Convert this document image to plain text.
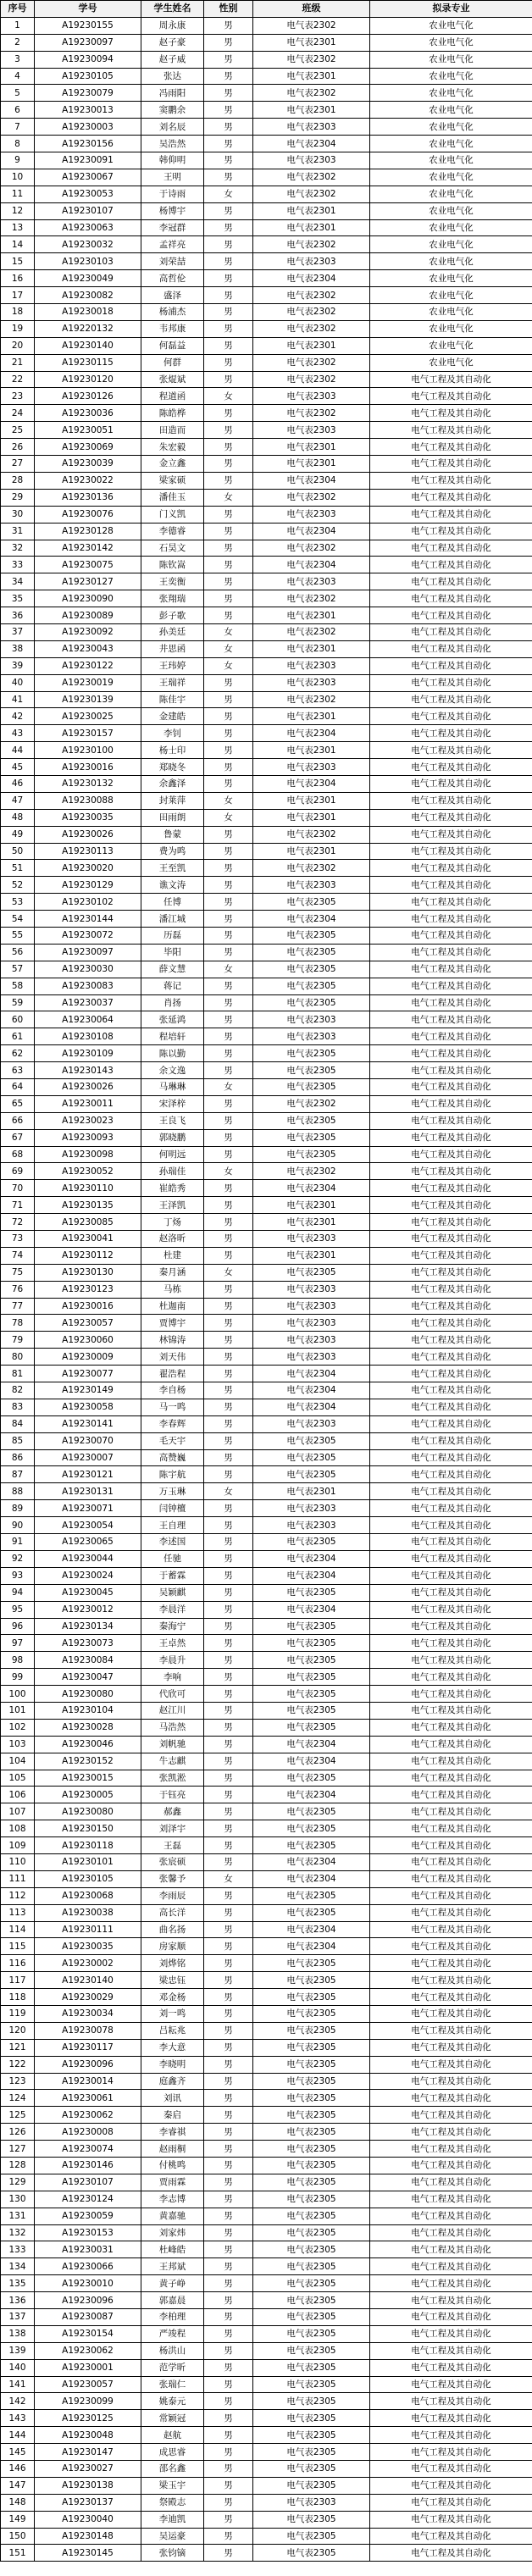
序号	学号	学生姓名	性别	班级	拟录专业
1	A19230155	周永康	男	电气表2302	农业电气化
2	A19230097	赵子豪	男	电气表2301	农业电气化
3	A19230094	赵子威	男	电气表2302	农业电气化
4	A19230105	张达	男	电气表2301	农业电气化
5	A19230079	冯雨阳	男	电气表2302	农业电气化
6	A19230013	窦鹏余	男	电气表2301	农业电气化
7	A19230003	刘名辰	男	电气表2303	农业电气化
8	A19230156	吴浩然	男	电气表2304	农业电气化
9	A19230091	韩仰明	男	电气表2303	农业电气化
10	A19230067	王明	男	电气表2302	农业电气化
11	A19230053	于诗雨	女	电气表2302	农业电气化
12	A19230107	杨博宇	男	电气表2301	农业电气化
13	A19230063	李冠群	男	电气表2301	农业电气化
14	A19230032	孟祥亮	男	电气表2302	农业电气化
15	A19230103	刘荣喆	男	电气表2303	农业电气化
16	A19230049	高哲伦	男	电气表2304	农业电气化
17	A19230082	盛泽	男	电气表2302	农业电气化
18	A19230018	杨浦杰	男	电气表2302	农业电气化
19	A19220132	韦邦康	男	电气表2302	农业电气化
20	A19230140	何磊益	男	电气表2301	农业电气化
21	A19230115	何群	男	电气表2302	农业电气化
22	A19230120	张焜斌	男	电气表2302	电气工程及其自动化
23	A19230126	程道函	女	电气表2303	电气工程及其自动化
24	A19230036	陈皓桦	男	电气表2302	电气工程及其自动化
25	A19230051	田造而	男	电气表2303	电气工程及其自动化
26	A19230069	朱宏毅	男	电气表2301	电气工程及其自动化
27	A19230039	金立鑫	男	电气表2301	电气工程及其自动化
28	A19230022	梁家硕	男	电气表2304	电气工程及其自动化
29	A19230136	潘佳玉	女	电气表2302	电气工程及其自动化
30	A19230076	门义凯	男	电气表2303	电气工程及其自动化
31	A19230128	李德睿	男	电气表2304	电气工程及其自动化
32	A19230142	石昊文	男	电气表2302	电气工程及其自动化
33	A19230075	陈钦嵩	男	电气表2304	电气工程及其自动化
34	A19230127	王奕衡	男	电气表2303	电气工程及其自动化
35	A19230090	张翔瑞	男	电气表2302	电气工程及其自动化
36	A19230089	彭子歌	男	电气表2301	电气工程及其自动化
37	A19230092	孙美廷	女	电气表2302	电气工程及其自动化
38	A19230043	井思函	女	电气表2301	电气工程及其自动化
39	A19230122	王玮婷	女	电气表2303	电气工程及其自动化
40	A19230019	王瑞祥	男	电气表2303	电气工程及其自动化
41	A19230139	陈佳宇	男	电气表2302	电气工程及其自动化
42	A19230025	金建皓	男	电气表2301	电气工程及其自动化
43	A19230157	李钊	男	电气表2304	电气工程及其自动化
44	A19230100	杨士印	男	电气表2301	电气工程及其自动化
45	A19230016	郑晓冬	男	电气表2303	电气工程及其自动化
46	A19230132	余鑫泽	男	电气表2304	电气工程及其自动化
47	A19230088	封莱萍	女	电气表2301	电气工程及其自动化
48	A19230035	田雨朗	女	电气表2301	电气工程及其自动化
49	A19230026	鲁蒙	男	电气表2302	电气工程及其自动化
50	A19230113	费为鸣	男	电气表2301	电气工程及其自动化
51	A19230020	王至凯	男	电气表2302	电气工程及其自动化
52	A19230129	谯文涛	男	电气表2303	电气工程及其自动化
53	A19230102	任博	男	电气表2305	电气工程及其自动化
54	A19230144	潘江城	男	电气表2304	电气工程及其自动化
55	A19230072	历磊	男	电气表2305	电气工程及其自动化
56	A19230097	毕阳	男	电气表2305	电气工程及其自动化
57	A19230030	薛文慧	女	电气表2305	电气工程及其自动化
58	A19230083	蒋记	男	电气表2305	电气工程及其自动化
59	A19230037	肖扬	男	电气表2305	电气工程及其自动化
60	A19230064	张延鸿	男	电气表2303	电气工程及其自动化
61	A19230108	程培轩	男	电气表2303	电气工程及其自动化
62	A19230109	陈以勤	男	电气表2305	电气工程及其自动化
63	A19230143	余文逸	男	电气表2305	电气工程及其自动化
64	A19230026	马琳琳	女	电气表2305	电气工程及其自动化
65	A19230011	宋泽梓	男	电气表2302	电气工程及其自动化
66	A19230023	王良飞	男	电气表2305	电气工程及其自动化
67	A19230093	郭晓鹏	男	电气表2305	电气工程及其自动化
68	A19230098	何明远	男	电气表2305	电气工程及其自动化
69	A19230052	孙瑞佳	女	电气表2302	电气工程及其自动化
70	A19230110	崔皓秀	男	电气表2304	电气工程及其自动化
71	A19230135	王泽凯	男	电气表2301	电气工程及其自动化
72	A19230085	丁炀	男	电气表2301	电气工程及其自动化
73	A19230041	赵洛昕	男	电气表2303	电气工程及其自动化
74	A19230112	杜建	男	电气表2301	电气工程及其自动化
75	A19230130	秦月涵	女	电气表2305	电气工程及其自动化
76	A19230123	马栋	男	电气表2303	电气工程及其自动化
77	A19230016	杜迦南	男	电气表2303	电气工程及其自动化
78	A19230057	贾博宇	男	电气表2303	电气工程及其自动化
79	A19230060	林锦涛	男	电气表2303	电气工程及其自动化
80	A19230009	刘天伟	男	电气表2303	电气工程及其自动化
81	A19230077	翟浩程	男	电气表2304	电气工程及其自动化
82	A19230149	李自杨	男	电气表2304	电气工程及其自动化
83	A19230058	马一鸣	男	电气表2304	电气工程及其自动化
84	A19230141	李春辉	男	电气表2303	电气工程及其自动化
85	A19230070	毛天宇	男	电气表2305	电气工程及其自动化
86	A19230007	高赞巍	男	电气表2305	电气工程及其自动化
87	A19230121	陈宇航	男	电气表2305	电气工程及其自动化
88	A19230131	万玉琳	女	电气表2301	电气工程及其自动化
89	A19230071	闫钟檀	男	电气表2303	电气工程及其自动化
90	A19230054	王自理	男	电气表2303	电气工程及其自动化
91	A19230065	李述国	男	电气表2305	电气工程及其自动化
92	A19230044	任驰	男	电气表2304	电气工程及其自动化
93	A19230024	于蓄霖	男	电气表2304	电气工程及其自动化
94	A19230045	吴颖麒	男	电气表2305	电气工程及其自动化
95	A19230012	李晨洋	男	电气表2304	电气工程及其自动化
96	A19230134	秦海宁	男	电气表2305	电气工程及其自动化
97	A19230073	王卓然	男	电气表2305	电气工程及其自动化
98	A19230084	李晨升	男	电气表2305	电气工程及其自动化
99	A19230047	李响	男	电气表2305	电气工程及其自动化
100	A19230080	代欣可	男	电气表2305	电气工程及其自动化
101	A19230104	赵江川	男	电气表2305	电气工程及其自动化
102	A19230028	马浩然	男	电气表2305	电气工程及其自动化
103	A19230046	刘帆驰	男	电气表2304	电气工程及其自动化
104	A19230152	牛志麒	男	电气表2304	电气工程及其自动化
105	A19230015	张凯淞	男	电气表2305	电气工程及其自动化
106	A19230005	于钰亮	男	电气表2304	电气工程及其自动化
107	A19230080	郝鑫	男	电气表2305	电气工程及其自动化
108	A19230150	刘泽宇	男	电气表2305	电气工程及其自动化
109	A19230118	王磊	男	电气表2305	电气工程及其自动化
110	A19230101	张宸硕	男	电气表2304	电气工程及其自动化
111	A19230105	张馨予	女	电气表2304	电气工程及其自动化
112	A19230068	李雨辰	男	电气表2305	电气工程及其自动化
113	A19230038	高长洋	男	电气表2305	电气工程及其自动化
114	A19230111	曲名扬	男	电气表2304	电气工程及其自动化
115	A19230035	房家顺	男	电气表2304	电气工程及其自动化
116	A19230002	刘烨铭	男	电气表2305	电气工程及其自动化
117	A19230140	梁忠钰	男	电气表2305	电气工程及其自动化
118	A19230029	邓金杨	男	电气表2305	电气工程及其自动化
119	A19230034	刘一鸣	男	电气表2305	电气工程及其自动化
120	A19230078	吕耘兆	男	电气表2305	电气工程及其自动化
121	A19230117	李大意	男	电气表2305	电气工程及其自动化
122	A19230096	李晓明	男	电气表2305	电气工程及其自动化
123	A19230014	庭鑫齐	男	电气表2305	电气工程及其自动化
124	A19230061	刘讯	男	电气表2305	电气工程及其自动化
125	A19230062	秦启	男	电气表2305	电气工程及其自动化
126	A19230008	李睿祺	男	电气表2305	电气工程及其自动化
127	A19230074	赵雨桐	男	电气表2305	电气工程及其自动化
128	A19230146	付桃鸣	男	电气表2305	电气工程及其自动化
129	A19230107	贾雨霖	男	电气表2305	电气工程及其自动化
130	A19230124	李志博	男	电气表2305	电气工程及其自动化
131	A19230059	黄嘉驰	男	电气表2305	电气工程及其自动化
132	A19230153	刘家炜	男	电气表2305	电气工程及其自动化
133	A19230031	杜峰皓	男	电气表2305	电气工程及其自动化
134	A19230066	王邦斌	男	电气表2305	电气工程及其自动化
135	A19230010	黄子峥	男	电气表2305	电气工程及其自动化
136	A19230096	郭嘉晨	男	电气表2305	电气工程及其自动化
137	A19230087	李柏理	男	电气表2305	电气工程及其自动化
138	A19230154	严竣程	男	电气表2305	电气工程及其自动化
139	A19230062	杨洪山	男	电气表2305	电气工程及其自动化
140	A19230001	范学昕	男	电气表2305	电气工程及其自动化
141	A19230057	张瑞仁	男	电气表2305	电气工程及其自动化
142	A19230099	姚泰元	男	电气表2305	电气工程及其自动化
143	A19230125	常颖冠	男	电气表2305	电气工程及其自动化
144	A19230048	赵航	男	电气表2305	电气工程及其自动化
145	A19230147	成思睿	男	电气表2305	电气工程及其自动化
146	A19230027	邵名鑫	男	电气表2305	电气工程及其自动化
147	A19230138	梁玉宇	男	电气表2305	电气工程及其自动化
148	A19230137	祭殿志	男	电气表2303	电气工程及其自动化
149	A19230040	李迪凯	男	电气表2305	电气工程及其自动化
150	A19230148	吴运豪	男	电气表2305	电气工程及其自动化
151	A19230145	张钧镝	男	电气表2305	电气工程及其自动化
